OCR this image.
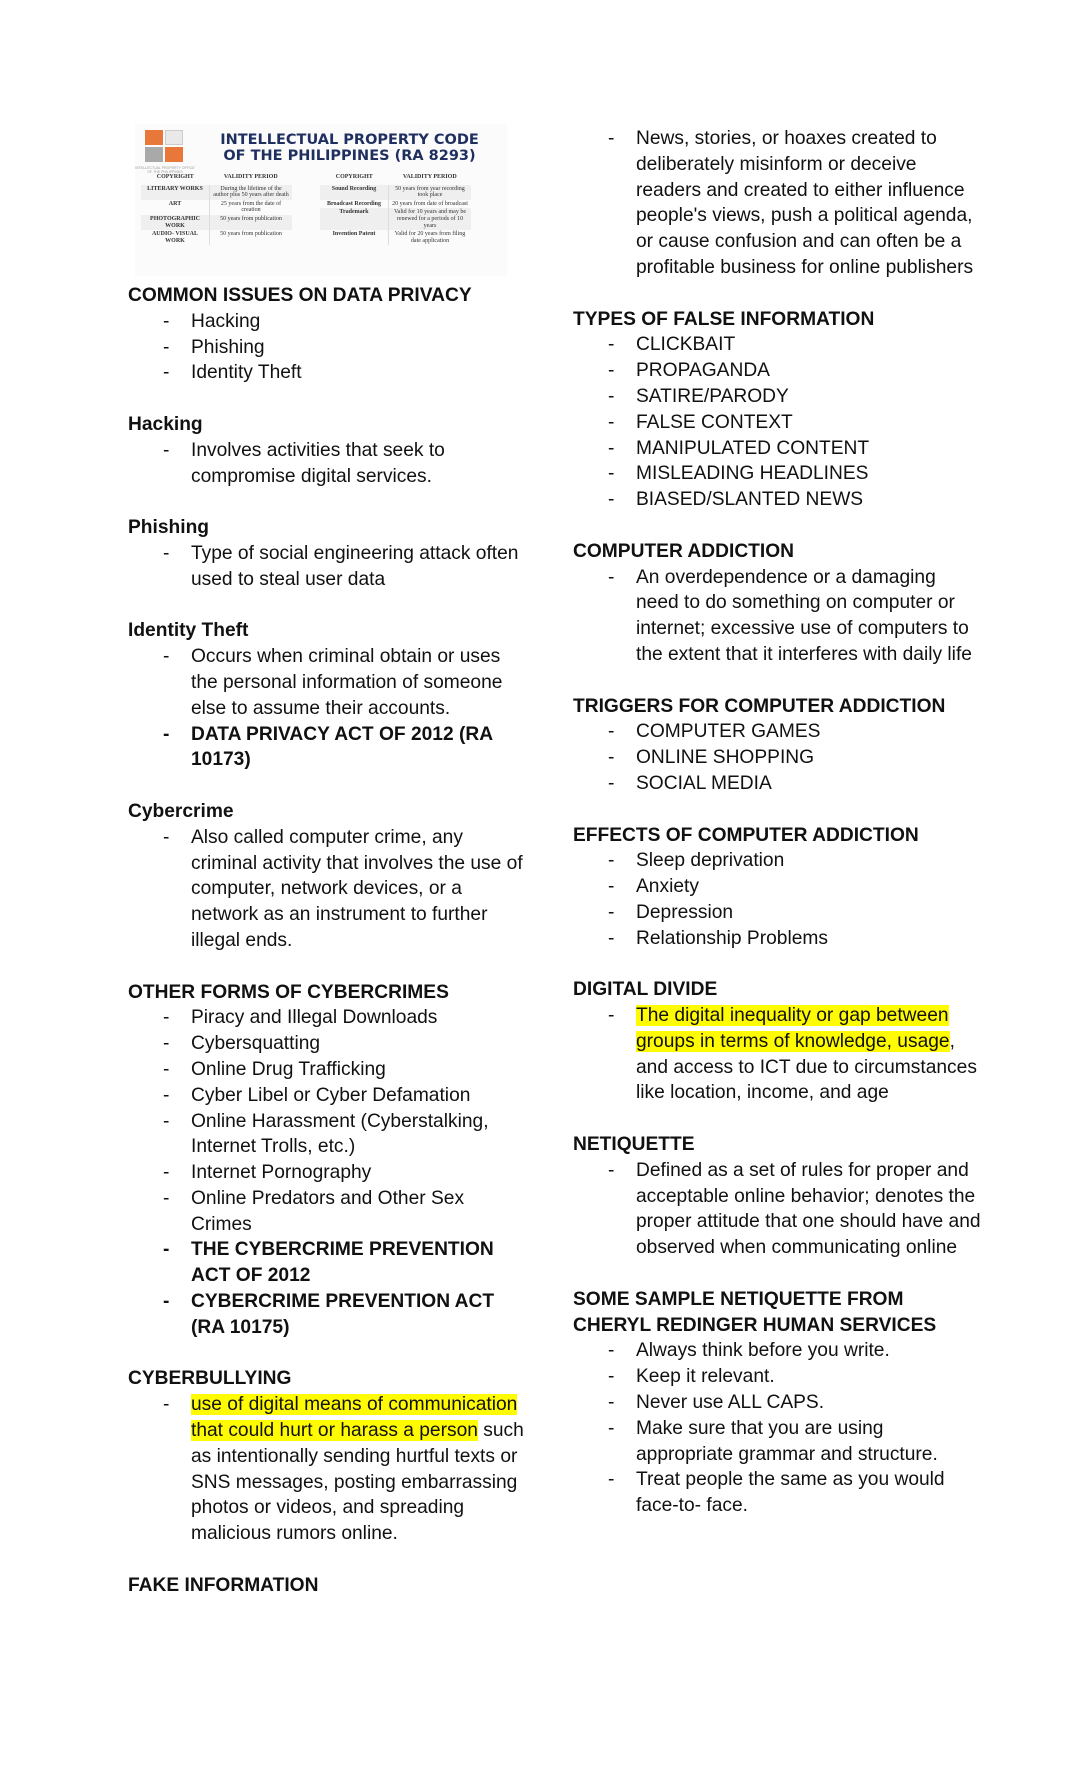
INTELLECTUAL PROPERTY OFFICE OF THE PHILIPPINES
INTELLECTUAL PROPERTY CODE
OF THE PHILIPPINES (RA 8293)
COPYRIGHT	VALIDITY PERIOD
LITERARY WORKS	During the lifetime of the author plus 50 years after death
ART	25 years from the date of creation
PHOTOGRAPHIC WORK	50 years from publication
AUDIO- VISUAL WORK	50 years from publication
COPYRIGHT	VALIDITY PERIOD
Sound Recording	50 years from year recording took place
Broadcast Recording	20 years from date of broadcast
Trademark	Valid for 10 years and may be renewed for a periods of 10 years
Invention Patent	Valid for 20 years from filing date application

COMMON ISSUES ON DATA PRIVACY

- Hacking
- Phishing
- Identity Theft

Hacking

- Involves activities that seek to compromise digital services.

Phishing

- Type of social engineering attack often used to steal user data

Identity Theft

- Occurs when criminal obtain or uses the personal information of someone else to assume their accounts.
- DATA PRIVACY ACT OF 2012 (RA 10173)

Cybercrime

- Also called computer crime, any criminal activity that involves the use of computer, network devices, or a network as an instrument to further illegal ends.

OTHER FORMS OF CYBERCRIMES

- Piracy and Illegal Downloads
- Cybersquatting
- Online Drug Trafficking
- Cyber Libel or Cyber Defamation
- Online Harassment (Cyberstalking, Internet Trolls, etc.)
- Internet Pornography
- Online Predators and Other Sex Crimes
- THE CYBERCRIME PREVENTION ACT OF 2012
- CYBERCRIME PREVENTION ACT (RA 10175)

CYBERBULLYING

- use of digital means of communication that could hurt or harass a person such as intentionally sending hurtful texts or SNS messages, posting embarrassing photos or videos, and spreading malicious rumors online.

FAKE INFORMATION

- News, stories, or hoaxes created to deliberately misinform or deceive readers and created to either influence people's views, push a political agenda, or cause confusion and can often be a profitable business for online publishers

TYPES OF FALSE INFORMATION

- CLICKBAIT
- PROPAGANDA
- SATIRE/PARODY
- FALSE CONTEXT
- MANIPULATED CONTENT
- MISLEADING HEADLINES
- BIASED/SLANTED NEWS

COMPUTER ADDICTION

- An overdependence or a damaging need to do something on computer or internet; excessive use of computers to the extent that it interferes with daily life

TRIGGERS FOR COMPUTER ADDICTION

- COMPUTER GAMES
- ONLINE SHOPPING
- SOCIAL MEDIA

EFFECTS OF COMPUTER ADDICTION

- Sleep deprivation
- Anxiety
- Depression
- Relationship Problems

DIGITAL DIVIDE

- The digital inequality or gap between groups in terms of knowledge, usage, and access to ICT due to circumstances like location, income, and age

NETIQUETTE

- Defined as a set of rules for proper and acceptable online behavior; denotes the proper attitude that one should have and observed when communicating online

SOME SAMPLE NETIQUETTE FROM CHERYL REDINGER HUMAN SERVICES

- Always think before you write.
- Keep it relevant.
- Never use ALL CAPS.
- Make sure that you are using appropriate grammar and structure.
- Treat people the same as you would face-to- face.
